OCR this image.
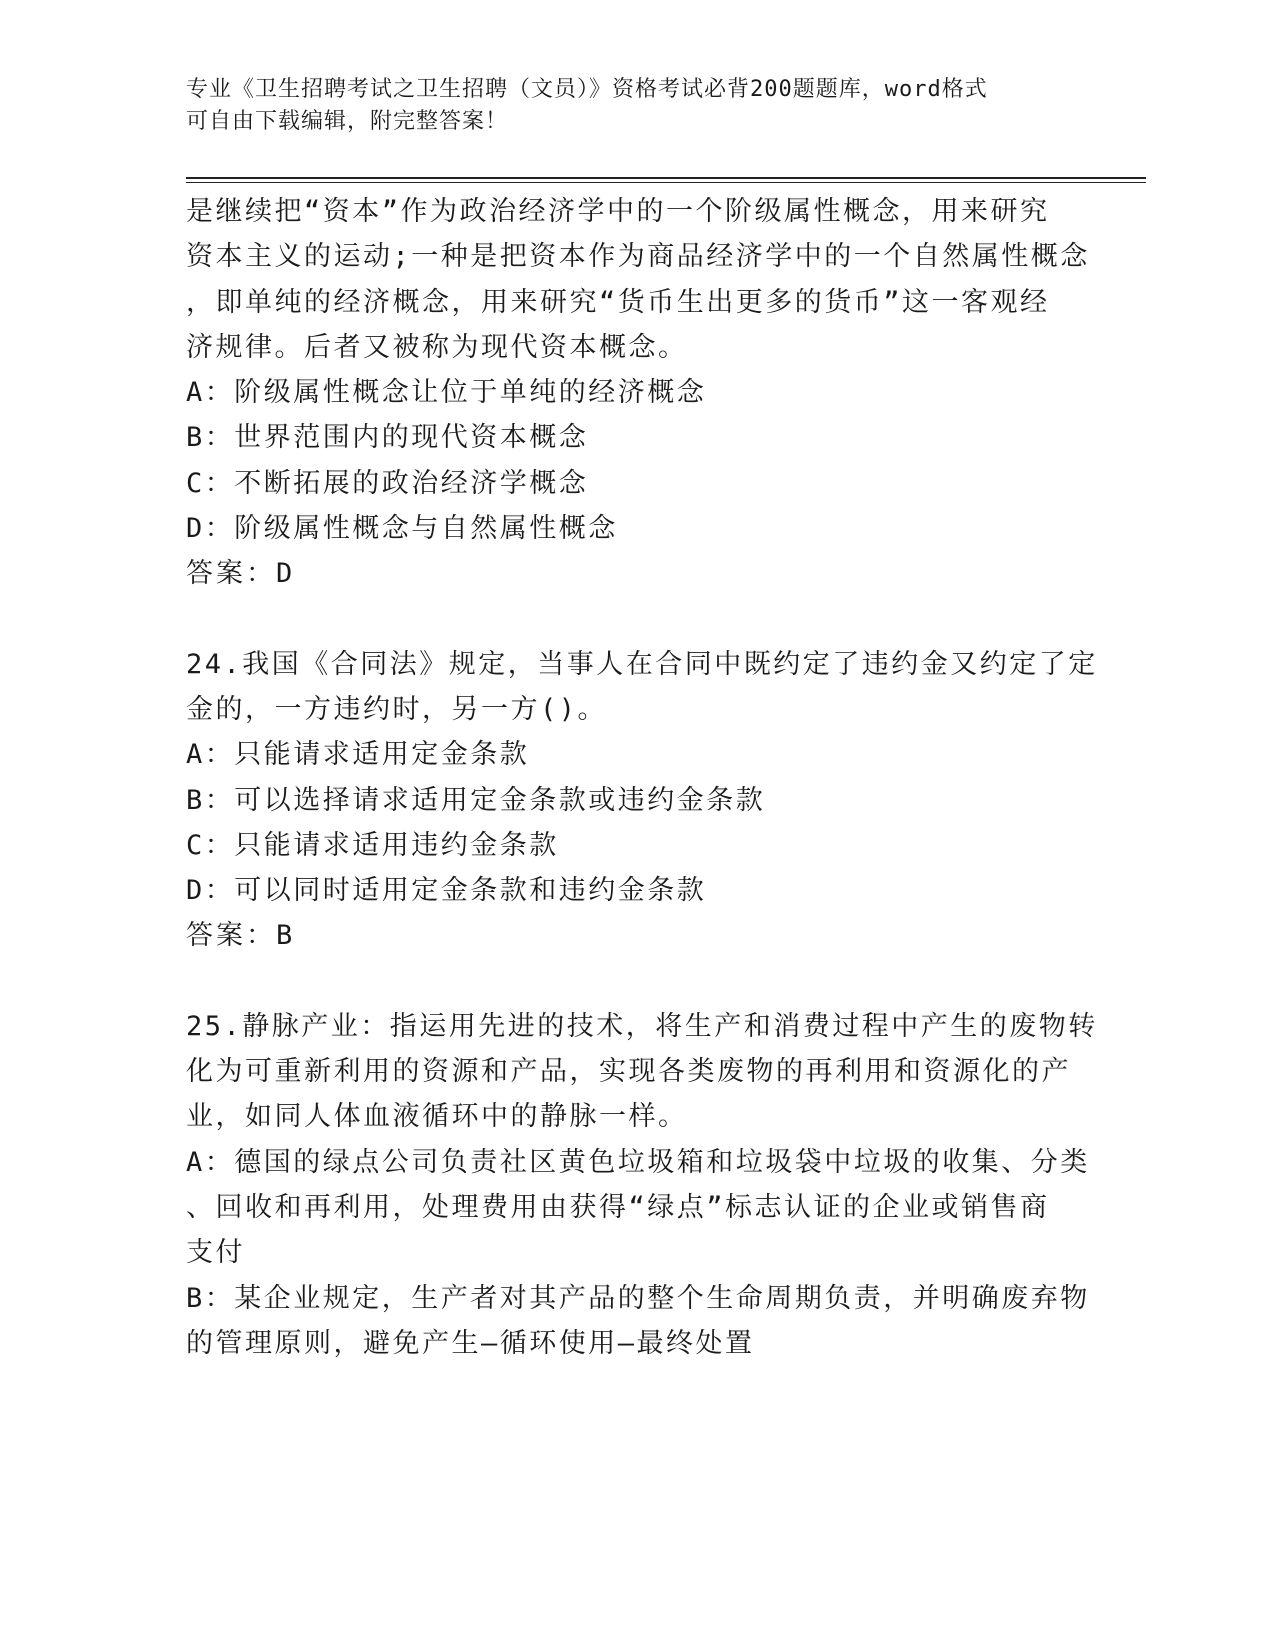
专业《卫生招聘考试之卫生招聘（文员）》资格考试必背200题题库，word格式
可自由下载编辑，附完整答案！
是继续把“资本”作为政治经济学中的一个阶级属性概念，用来研究
资本主义的运动;一种是把资本作为商品经济学中的一个自然属性概念
，即单纯的经济概念，用来研究“货币生出更多的货币”这一客观经
济规律。后者又被称为现代资本概念。
A：阶级属性概念让位于单纯的经济概念
B：世界范围内的现代资本概念
C：不断拓展的政治经济学概念
D：阶级属性概念与自然属性概念
答案：D
24.我国《合同法》规定，当事人在合同中既约定了违约金又约定了定
金的，一方违约时，另一方()。
A：只能请求适用定金条款
B：可以选择请求适用定金条款或违约金条款
C：只能请求适用违约金条款
D：可以同时适用定金条款和违约金条款
答案：B
25.静脉产业：指运用先进的技术，将生产和消费过程中产生的废物转
化为可重新利用的资源和产品，实现各类废物的再利用和资源化的产
业，如同人体血液循环中的静脉一样。
A：德国的绿点公司负责社区黄色垃圾箱和垃圾袋中垃圾的收集、分类
、回收和再利用，处理费用由获得“绿点”标志认证的企业或销售商
支付
B：某企业规定，生产者对其产品的整个生命周期负责，并明确废弃物
的管理原则，避免产生—循环使用—最终处置
